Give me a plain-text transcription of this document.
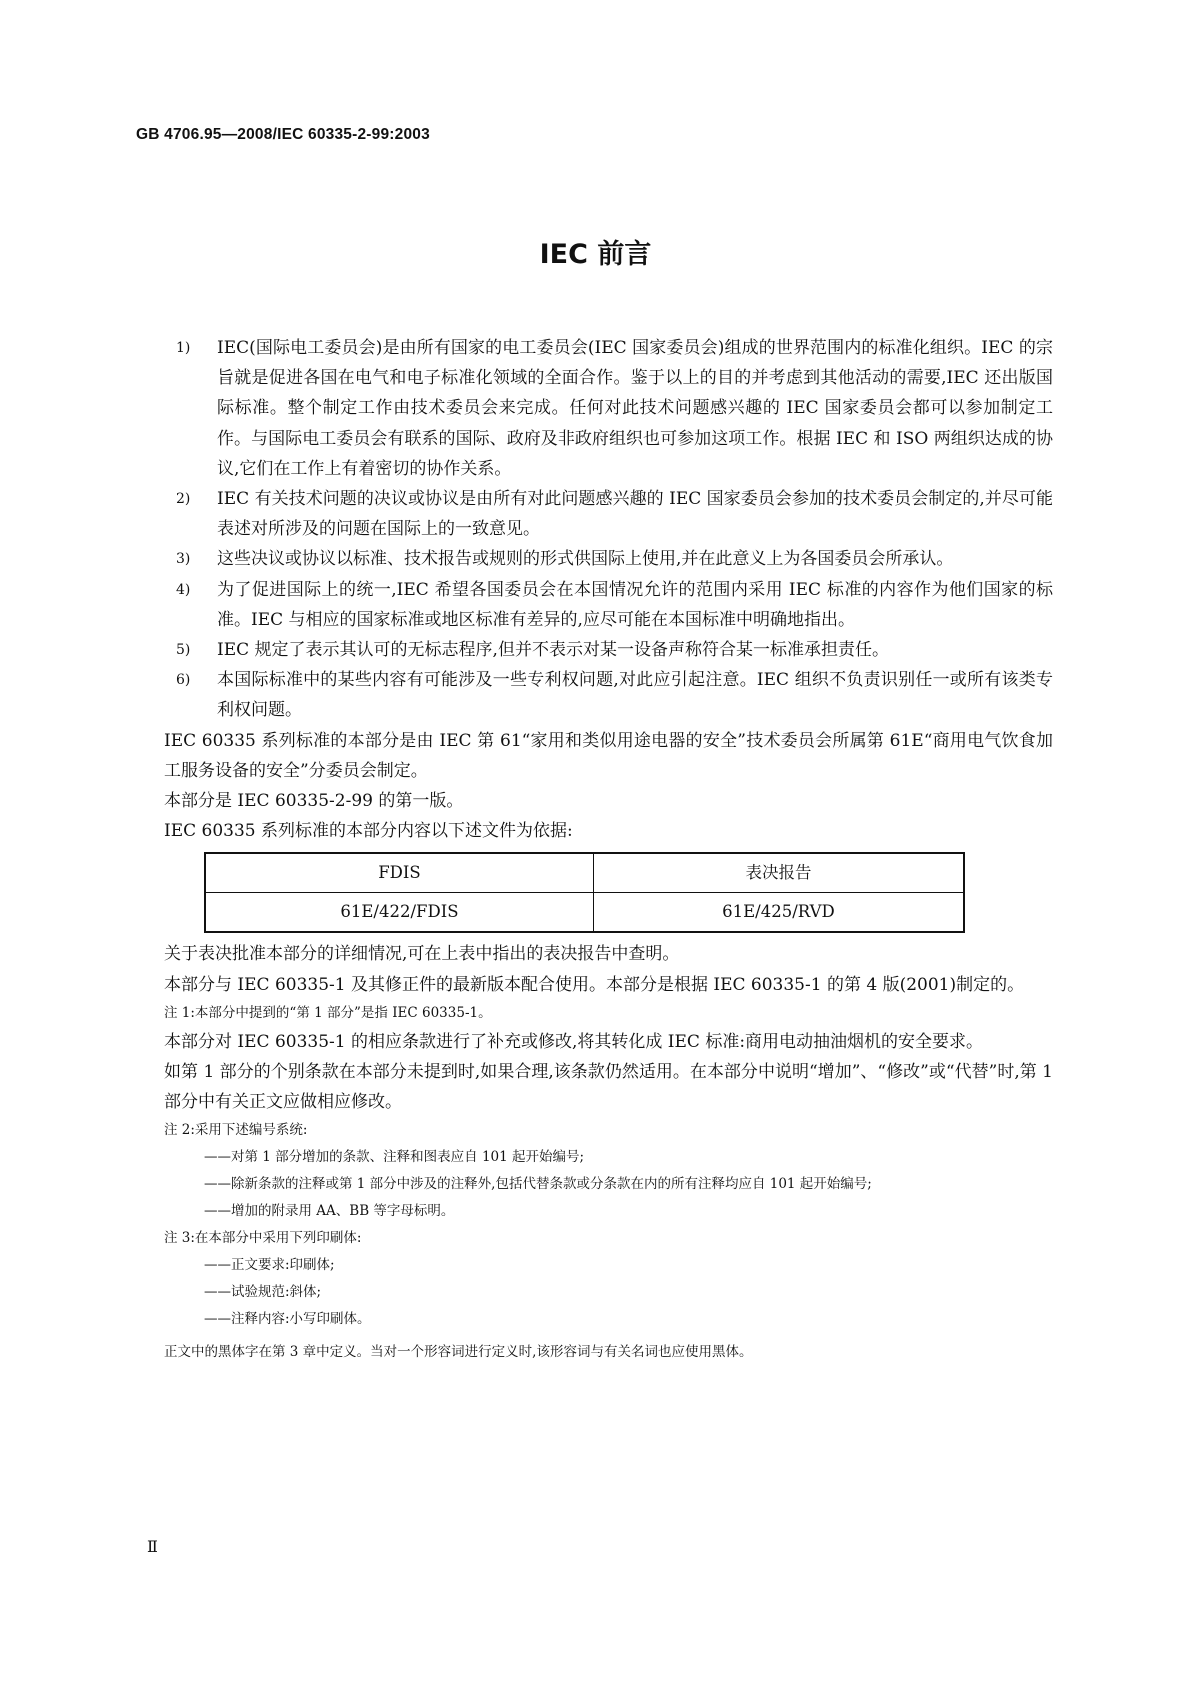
GB 4706.95—2008/IEC 60335-2-99:2003
IEC 前言
1) IEC(国际电工委员会)是由所有国家的电工委员会(IEC 国家委员会)组成的世界范围内的标准化组织。IEC 的宗旨就是促进各国在电气和电子标准化领域的全面合作。鉴于以上的目的并考虑到其他活动的需要,IEC 还出版国际标准。整个制定工作由技术委员会来完成。任何对此技术问题感兴趣的 IEC 国家委员会都可以参加制定工作。与国际电工委员会有联系的国际、政府及非政府组织也可参加这项工作。根据 IEC 和 ISO 两组织达成的协议,它们在工作上有着密切的协作关系。
2) IEC 有关技术问题的决议或协议是由所有对此问题感兴趣的 IEC 国家委员会参加的技术委员会制定的,并尽可能表述对所涉及的问题在国际上的一致意见。
3) 这些决议或协议以标准、技术报告或规则的形式供国际上使用,并在此意义上为各国委员会所承认。
4) 为了促进国际上的统一,IEC 希望各国委员会在本国情况允许的范围内采用 IEC 标准的内容作为他们国家的标准。IEC 与相应的国家标准或地区标准有差异的,应尽可能在本国标准中明确地指出。
5) IEC 规定了表示其认可的无标志程序,但并不表示对某一设备声称符合某一标准承担责任。
6) 本国际标准中的某些内容有可能涉及一些专利权问题,对此应引起注意。IEC 组织不负责识别任一或所有该类专利权问题。
IEC 60335 系列标准的本部分是由 IEC 第 61“家用和类似用途电器的安全”技术委员会所属第 61E“商用电气饮食加工服务设备的安全”分委员会制定。
本部分是 IEC 60335-2-99 的第一版。
IEC 60335 系列标准的本部分内容以下述文件为依据:
FDIS	表决报告
61E/422/FDIS	61E/425/RVD
关于表决批准本部分的详细情况,可在上表中指出的表决报告中查明。
本部分与 IEC 60335-1 及其修正件的最新版本配合使用。本部分是根据 IEC 60335-1 的第 4 版(2001)制定的。
注 1:本部分中提到的“第 1 部分”是指 IEC 60335-1。
本部分对 IEC 60335-1 的相应条款进行了补充或修改,将其转化成 IEC 标准:商用电动抽油烟机的安全要求。
如第 1 部分的个别条款在本部分未提到时,如果合理,该条款仍然适用。在本部分中说明“增加”、“修改”或“代替”时,第 1 部分中有关正文应做相应修改。
注 2:采用下述编号系统:
——对第 1 部分增加的条款、注释和图表应自 101 起开始编号;
——除新条款的注释或第 1 部分中涉及的注释外,包括代替条款或分条款在内的所有注释均应自 101 起开始编号;
——增加的附录用 AA、BB 等字母标明。
注 3:在本部分中采用下列印刷体:
——正文要求:印刷体;
——试验规范:斜体;
——注释内容:小写印刷体。
正文中的黑体字在第 3 章中定义。当对一个形容词进行定义时,该形容词与有关名词也应使用黑体。
Ⅱ
